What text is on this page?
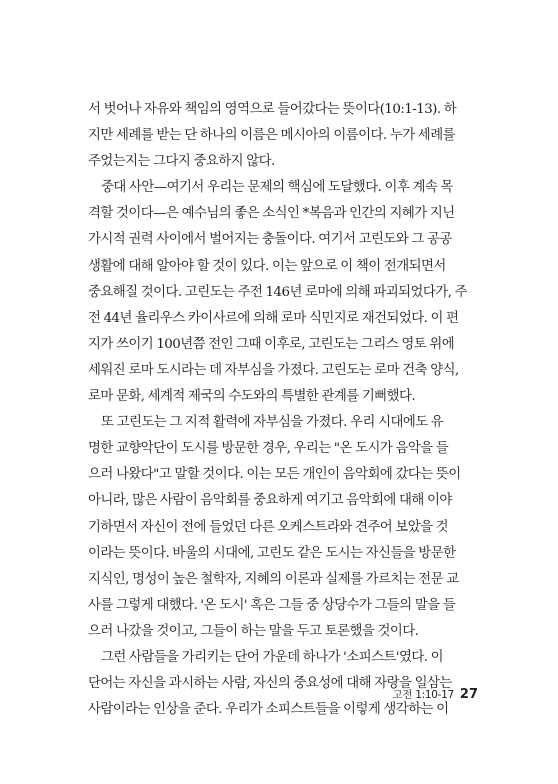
서 벗어나 자유와 책임의 영역으로 들어갔다는 뜻이다(10:1-13). 하
지만 세례를 받는 단 하나의 이름은 메시아의 이름이다. 누가 세례를
주었는지는 그다지 중요하지 않다.
중대 사안—여기서 우리는 문제의 핵심에 도달했다. 이후 계속 목
격할 것이다—은 예수님의 좋은 소식인 *복음과 인간의 지혜가 지닌
가시적 권력 사이에서 벌어지는 충돌이다. 여기서 고린도와 그 공공
생활에 대해 알아야 할 것이 있다. 이는 앞으로 이 책이 전개되면서
중요해질 것이다. 고린도는 주전 146년 로마에 의해 파괴되었다가, 주
전 44년 율리우스 카이사르에 의해 로마 식민지로 재건되었다. 이 편
지가 쓰이기 100년쯤 전인 그때 이후로, 고린도는 그리스 영토 위에
세워진 로마 도시라는 데 자부심을 가졌다. 고린도는 로마 건축 양식,
로마 문화, 세계적 제국의 수도와의 특별한 관계를 기뻐했다.
또 고린도는 그 지적 활력에 자부심을 가졌다. 우리 시대에도 유
명한 교향악단이 도시를 방문한 경우, 우리는 "온 도시가 음악을 들
으러 나왔다"고 말할 것이다. 이는 모든 개인이 음악회에 갔다는 뜻이
아니라, 많은 사람이 음악회를 중요하게 여기고 음악회에 대해 이야
기하면서 자신이 전에 들었던 다른 오케스트라와 견주어 보았을 것
이라는 뜻이다. 바울의 시대에, 고린도 같은 도시는 자신들을 방문한
지식인, 명성이 높은 철학자, 지혜의 이론과 실제를 가르치는 전문 교
사를 그렇게 대했다. '온 도시' 혹은 그들 중 상당수가 그들의 말을 들
으러 나갔을 것이고, 그들이 하는 말을 두고 토론했을 것이다.
그런 사람들을 가리키는 단어 가운데 하나가 '소피스트'였다. 이
단어는 자신을 과시하는 사람, 자신의 중요성에 대해 자랑을 일삼는
사람이라는 인상을 준다. 우리가 소피스트들을 이렇게 생각하는 이
고전 1:10-17 27
